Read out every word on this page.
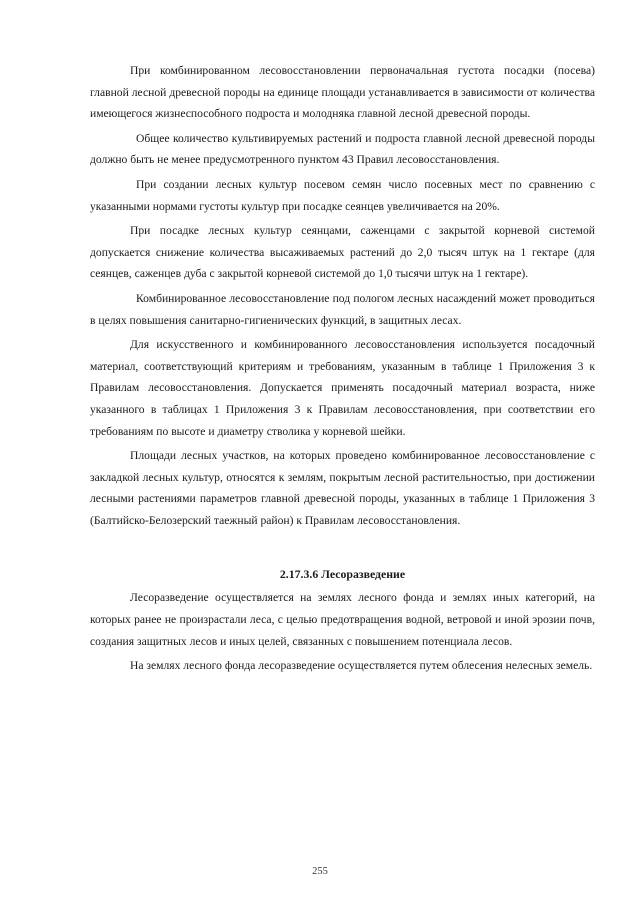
При комбинированном лесовосстановлении первоначальная густота посадки (посева) главной лесной древесной породы на единице площади устанавливается в зависимости от количества имеющегося жизнеспособного подроста и молодняка главной лесной древесной породы.

Общее количество культивируемых растений и подроста главной лесной древесной породы должно быть не менее предусмотренного пунктом 43 Правил лесовосстановления.

При создании лесных культур посевом семян число посевных мест по сравнению с указанными нормами густоты культур при посадке сеянцев увеличивается на 20%.

При посадке лесных культур сеянцами, саженцами с закрытой корневой системой допускается снижение количества высаживаемых растений до 2,0 тысяч штук на 1 гектаре (для сеянцев, саженцев дуба с закрытой корневой системой до 1,0 тысячи штук на 1 гектаре).

Комбинированное лесовосстановление под пологом лесных насаждений может проводиться в целях повышения санитарно-гигиенических функций, в защитных лесах.

Для искусственного и комбинированного лесовосстановления используется посадочный материал, соответствующий критериям и требованиям, указанным в таблице 1 Приложения 3 к Правилам лесовосстановления. Допускается применять посадочный материал возраста, ниже указанного в таблицах 1 Приложения 3 к Правилам лесовосстановления, при соответствии его требованиям по высоте и диаметру стволика у корневой шейки.

Площади лесных участков, на которых проведено комбинированное лесовосстановление с закладкой лесных культур, относятся к землям, покрытым лесной растительностью, при достижении лесными растениями параметров главной древесной породы, указанных в таблице 1 Приложения 3 (Балтийско-Белозерский таежный район) к Правилам лесовосстановления.

2.17.3.6 Лесоразведение

Лесоразведение осуществляется на землях лесного фонда и землях иных категорий, на которых ранее не произрастали леса, с целью предотвращения водной, ветровой и иной эрозии почв, создания защитных лесов и иных целей, связанных с повышением потенциала лесов.

На землях лесного фонда лесоразведение осуществляется путем облесения нелесных земель.

255
